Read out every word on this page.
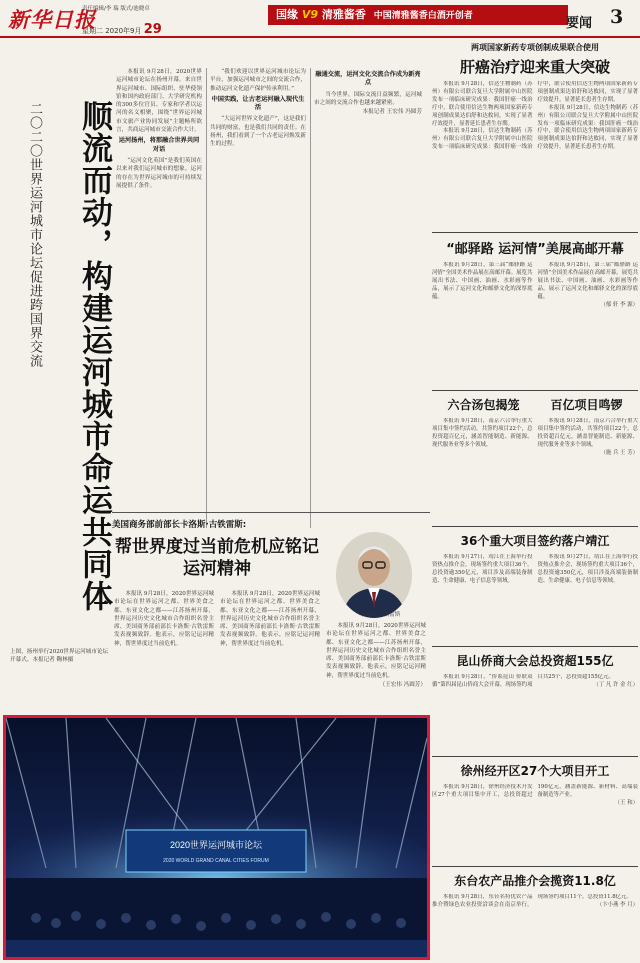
新华日报
责任编辑/李 瑞 版式/池晓卓
星期二 2020年9月 29
国缘 V9 清雅酱香 中国清雅酱香白酒开创者	要闻 3
二〇二〇世界运河城市论坛促进跨国界交流	顺流而动，构建运河城市命运共同体

本报讯 9月28日，2020世界运河城市论坛在扬州开幕。来自世界运河城市、国际组织、驻华使领馆和国内政府部门、大学研究机构的300多位官员、专家和学者以运河的名义相聚，围绕“世界运河城市文旅产业协同发展”主题畅所欲言，共商运河城市交流合作大计。

运河扬州，将那融合世界共同对话

“运河文化英国”是我们英国在以来对我们运河城市的想象。运河的存在为世界运河城市的可持续发展提供了条件。

“我们欢迎以世界运河城市论坛为平台，加强运河城市之间的交流合作，推动运河文化遗产保护传承利用。”

中国实践，让古老运河融入现代生活

“大运河世界文化遗产”，这是我们共同的财富，也是我们共同的责任。在扬州，我们看到了一个古老运河焕发新生的过程。

融通交流，运河文化交流合作成为新亮点

当今世界，国际交流日益频繁，运河城市之间的交流合作也越来越紧密。

本报记者 王宏伟 冯圆芳

美国商务部前部长卡洛斯·古铁雷斯:
帮世界度过当前危机应铭记运河精神
卡洛斯·古铁雷斯

本报讯 9月28日，2020世界运河城市论坛在世界运河之都、世界美食之都、东亚文化之都——江苏扬州开幕，世界运河历史文化城市合作组织名誉主席、美国商务部前部长卡洛斯·古铁雷斯发表视频致辞。他表示，应铭记运河精神，帮世界度过当前危机。

本报讯 9月28日，2020世界运河城市论坛在世界运河之都、世界美食之都、东亚文化之都——江苏扬州开幕，世界运河历史文化城市合作组织名誉主席、美国商务部前部长卡洛斯·古铁雷斯发表视频致辞。他表示，应铭记运河精神，帮世界度过当前危机。

本报讯 9月28日，2020世界运河城市论坛在世界运河之都、世界美食之都、东亚文化之都——江苏扬州开幕，世界运河历史文化城市合作组织名誉主席、美国商务部前部长卡洛斯·古铁雷斯发表视频致辞。他表示，应铭记运河精神，帮世界度过当前危机。

（王宏伟 冯圆芳）

上图，扬州举行2020世界运河城市论坛开幕式。本报记者 鞠林摄
2020世界运河城市论坛
2020 WORLD GRAND CANAL CITIES FORUM
两项国家新药专项创制成果联合使用
肝癌治疗迎来重大突破

本报讯 9月28日，信达生物制药（苏州）有限公司联合复旦大学附属中山医院发布一项临床研究成果：我国肝癌一线治疗中，联合使用信达生物两项国家新药专项创制成果达伯舒和达攸同，实现了显著疗效提升，显著延长患者生存期。

本报讯 9月28日，信达生物制药（苏州）有限公司联合复旦大学附属中山医院发布一项临床研究成果：我国肝癌一线治疗中，联合使用信达生物两项国家新药专项创制成果达伯舒和达攸同，实现了显著疗效提升，显著延长患者生存期。

本报讯 9月28日，信达生物制药（苏州）有限公司联合复旦大学附属中山医院发布一项临床研究成果：我国肝癌一线治疗中，联合使用信达生物两项国家新药专项创制成果达伯舒和达攸同，实现了显著疗效提升，显著延长患者生存期。

“邮驿路 运河情”美展高邮开幕

本报讯 9月28日，第三届“邮驿路 运河情”全国美术作品展在高邮开幕。展览共展出书法、中国画、油画、水彩画等作品，展示了运河文化和邮驿文化的深厚底蕴。

本报讯 9月28日，第三届“邮驿路 运河情”全国美术作品展在高邮开幕。展览共展出书法、中国画、油画、水彩画等作品，展示了运河文化和邮驿文化的深厚底蕴。

（郁 轩 李 源）

六合汤包揭笼	百亿项目鸣锣

本报讯 9月28日，南京六合举行重大项目集中签约活动，共签约项目22个，总投资超百亿元，涵盖智能制造、新能源、现代服务业等多个领域。

本报讯 9月28日，南京六合举行重大项目集中签约活动，共签约项目22个，总投资超百亿元，涵盖智能制造、新能源、现代服务业等多个领域。

（施 兵 王 芳）

36个重大项目签约落户靖江

本报讯 9月27日，靖江在上海举行投资热点推介会，现场签约重大项目36个，总投资逾350亿元，项目涉及高端装备制造、生命健康、电子信息等领域。

本报讯 9月27日，靖江在上海举行投资热点推介会，现场签约重大项目36个，总投资逾350亿元，项目涉及高端装备制造、生命健康、电子信息等领域。

昆山侨商大会总投资超155亿

本报讯 9月28日，“侨系昆山 侨联双循”第四届昆山侨商大会开幕，现场签约项目共25个，总投资超155亿元。

（丁 凡 许 金 红）

徐州经开区27个大项目开工

本报讯 9月28日，徐州经济技术开发区27个重大项目集中开工，总投资超过190亿元，涵盖新能源、新材料、高端装备制造等产业。

（王 和）

东台农产品推介会揽资11.8亿

本报讯 9月28日，东台名特优农产品推介暨绿色农业投资洽谈会在南京举行，现场签约项目11个，总投资11.8亿元。

（卞小燕 李 月）
